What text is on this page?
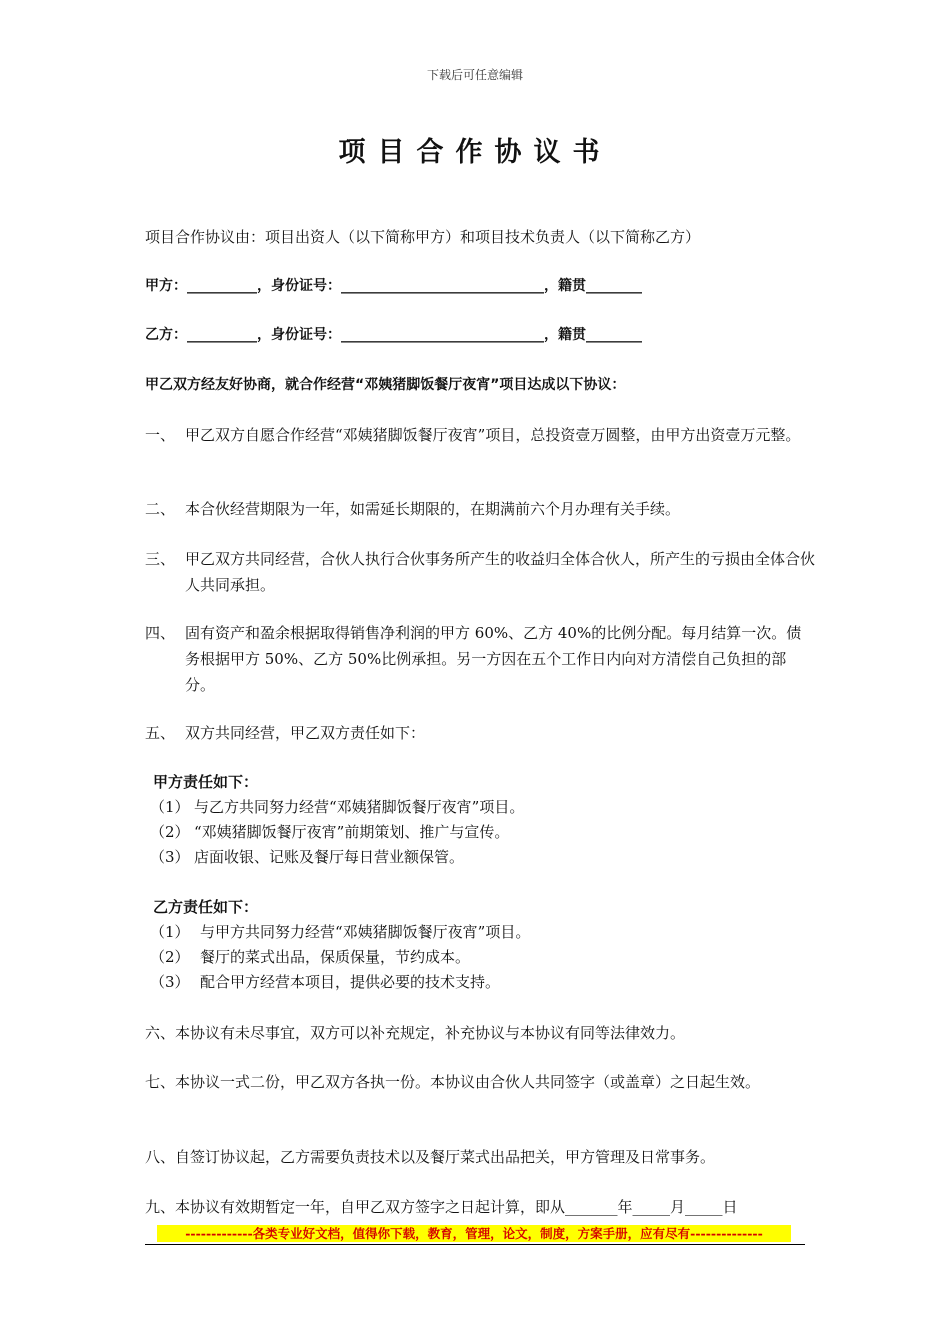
下载后可任意编辑
项目合作协议书
项目合作协议由：项目出资人（以下简称甲方）和项目技术负责人（以下简称乙方）
甲方：__________，身份证号：_____________________________，籍贯________
乙方：__________，身份证号：_____________________________，籍贯________
甲乙双方经友好协商，就合作经营“邓姨猪脚饭餐厅夜宵”项目达成以下协议：
一、 甲乙双方自愿合作经营“邓姨猪脚饭餐厅夜宵”项目，总投资壹万圆整，由甲方出资壹万元整。
二、 本合伙经营期限为一年，如需延长期限的，在期满前六个月办理有关手续。
三、 甲乙双方共同经营，合伙人执行合伙事务所产生的收益归全体合伙人，所产生的亏损由全体合伙人共同承担。
四、 固有资产和盈余根据取得销售净利润的甲方 60%、乙方 40%的比例分配。每月结算一次。债务根据甲方 50%、乙方 50%比例承担。另一方因在五个工作日内向对方清偿自己负担的部分。
五、 双方共同经营，甲乙双方责任如下：
甲方责任如下：
（1） 与乙方共同努力经营“邓姨猪脚饭餐厅夜宵”项目。
（2） “邓姨猪脚饭餐厅夜宵”前期策划、推广与宣传。
（3） 店面收银、记账及餐厅每日营业额保管。
乙方责任如下：
（1） 与甲方共同努力经营“邓姨猪脚饭餐厅夜宵”项目。
（2） 餐厅的菜式出品，保质保量，节约成本。
（3） 配合甲方经营本项目，提供必要的技术支持。
六、本协议有未尽事宜，双方可以补充规定，补充协议与本协议有同等法律效力。
七、本协议一式二份，甲乙双方各执一份。本协议由合伙人共同签字（或盖章）之日起生效。
八、自签订协议起，乙方需要负责技术以及餐厅菜式出品把关，甲方管理及日常事务。
九、本协议有效期暂定一年，自甲乙双方签字之日起计算，即从_______年_____月_____日
-------------各类专业好文档，值得你下载，教育，管理，论文，制度，方案手册，应有尽有--------------
